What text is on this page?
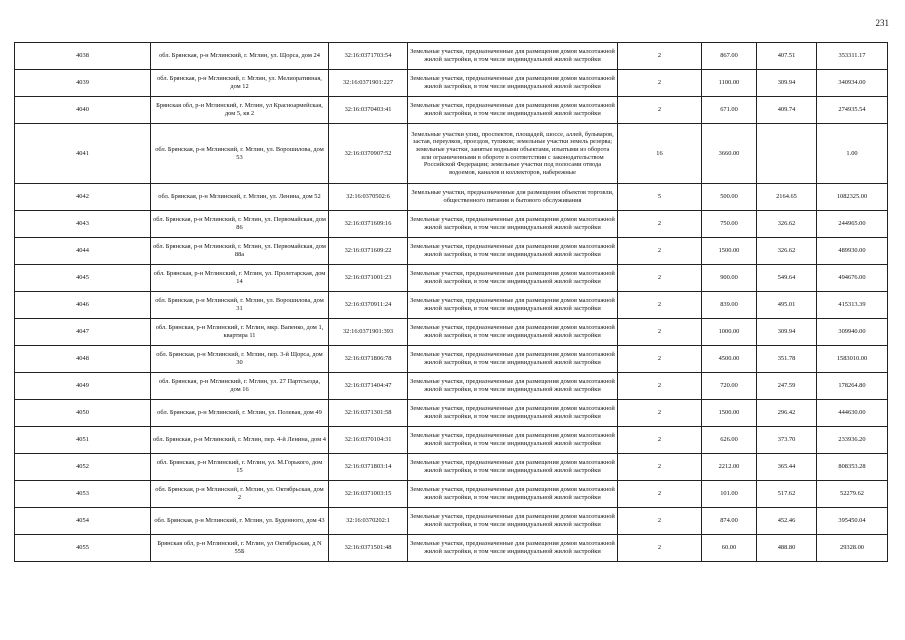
231
4038	обл. Брянская, р-н Мглинский, г. Мглин, ул. Щорса, дом 24	32:16:0371703:54	Земельные участки, предназначенные для размещения домов малоэтажной жилой застройки, в том числе индивидуальной жилой застройки	2	867.00	407.51	353311.17
4039	обл. Брянская, р-н Мглинский, г. Мглин, ул. Мелиоративная, дом 12	32:16:0371901:227	Земельные участки, предназначенные для размещения домов малоэтажной жилой застройки, в том числе индивидуальной жилой застройки	2	1100.00	309.94	340934.00
4040	Брянская обл, р-н Мглинский, г. Мглин, ул Красноармейская, дом 5, кв 2	32:16:0370403:41	Земельные участки, предназначенные для размещения домов малоэтажной жилой застройки, в том числе индивидуальной жилой застройки	2	671.00	409.74	274935.54
4041	обл. Брянская, р-н Мглинский, г. Мглин, ул. Ворошилова, дом 53	32:16:0370907:52	Земельные участки улиц, проспектов, площадей, шоссе, аллей, бульваров, застав, переулков, проездов, тупиков; земельные участки земель резерва; земельные участки, занятые водными объектами, изъятыми из оборота или ограниченными в обороте в соответствии с законодательством Российской Федерации; земельные участки под полосами отвода водоемов, каналов и коллекторов, набережные	16	3660.00		1.00
4042	обл. Брянская, р-н Мглинский, г. Мглин, ул. Ленина, дом 52	32:16:0370502:6	Земельные участки, предназначенные для размещения объектов торговли, общественного питания и бытового обслуживания	5	500.00	2164.65	1082325.00
4043	обл. Брянская, р-н Мглинский, г. Мглин, ул. Первомайская, дом 86	32:16:0371609:16	Земельные участки, предназначенные для размещения домов малоэтажной жилой застройки, в том числе индивидуальной жилой застройки	2	750.00	326.62	244965.00
4044	обл. Брянская, р-н Мглинский, г. Мглин, ул. Первомайская, дом 88а	32:16:0371609:22	Земельные участки, предназначенные для размещения домов малоэтажной жилой застройки, в том числе индивидуальной жилой застройки	2	1500.00	326.62	489930.00
4045	обл. Брянская, р-н Мглинский, г. Мглин, ул. Пролетарская, дом 14	32:16:0371001:23	Земельные участки, предназначенные для размещения домов малоэтажной жилой застройки, в том числе индивидуальной жилой застройки	2	900.00	549.64	494676.00
4046	обл. Брянская, р-н Мглинский, г. Мглин, ул. Ворошилова, дом 31	32:16:0370911:24	Земельные участки, предназначенные для размещения домов малоэтажной жилой застройки, в том числе индивидуальной жилой застройки	2	839.00	495.01	415313.39
4047	обл. Брянская, р-н Мглинский, г. Мглин, мкр. Вапенко, дом 1, квартира 11	32:16:0371901:393	Земельные участки, предназначенные для размещения домов малоэтажной жилой застройки, в том числе индивидуальной жилой застройки	2	1000.00	309.94	309940.00
4048	обл. Брянская, р-н Мглинский, г. Мглин, пер. 3-й Щорса, дом 30	32:16:0371806:78	Земельные участки, предназначенные для размещения домов малоэтажной жилой застройки, в том числе индивидуальной жилой застройки	2	4500.00	351.78	1583010.00
4049	обл. Брянская, р-н Мглинский, г. Мглин, ул. 27 Партсъезда, дом 16	32:16:0371404:47	Земельные участки, предназначенные для размещения домов малоэтажной жилой застройки, в том числе индивидуальной жилой застройки	2	720.00	247.59	178264.80
4050	обл. Брянская, р-н Мглинский, г. Мглин, ул. Полевая, дом 49	32:16:0371301:58	Земельные участки, предназначенные для размещения домов малоэтажной жилой застройки, в том числе индивидуальной жилой застройки	2	1500.00	296.42	444630.00
4051	обл. Брянская, р-н Мглинский, г. Мглин, пер. 4-й Ленина, дом 4	32:16:0370104:31	Земельные участки, предназначенные для размещения домов малоэтажной жилой застройки, в том числе индивидуальной жилой застройки	2	626.00	373.70	233936.20
4052	обл. Брянская, р-н Мглинский, г. Мглин, ул. М.Горького, дом 15	32:16:0371803:14	Земельные участки, предназначенные для размещения домов малоэтажной жилой застройки, в том числе индивидуальной жилой застройки	2	2212.00	365.44	808353.28
4053	обл. Брянская, р-н Мглинский, г. Мглин, ул. Октябрьская, дом 2	32:16:0371003:15	Земельные участки, предназначенные для размещения домов малоэтажной жилой застройки, в том числе индивидуальной жилой застройки	2	101.00	517.62	52279.62
4054	обл. Брянская, р-н Мглинский, г. Мглин, ул. Буденного, дом 43	32:16:0370202:1	Земельные участки, предназначенные для размещения домов малоэтажной жилой застройки, в том числе индивидуальной жилой застройки	2	874.00	452.46	395450.04
4055	Брянская обл, р-н Мглинский, г. Мглин, ул Октябрьская, д N 55Б	32:16:0371501:48	Земельные участки, предназначенные для размещения домов малоэтажной жилой застройки, в том числе индивидуальной жилой застройки	2	60.00	488.80	29328.00
